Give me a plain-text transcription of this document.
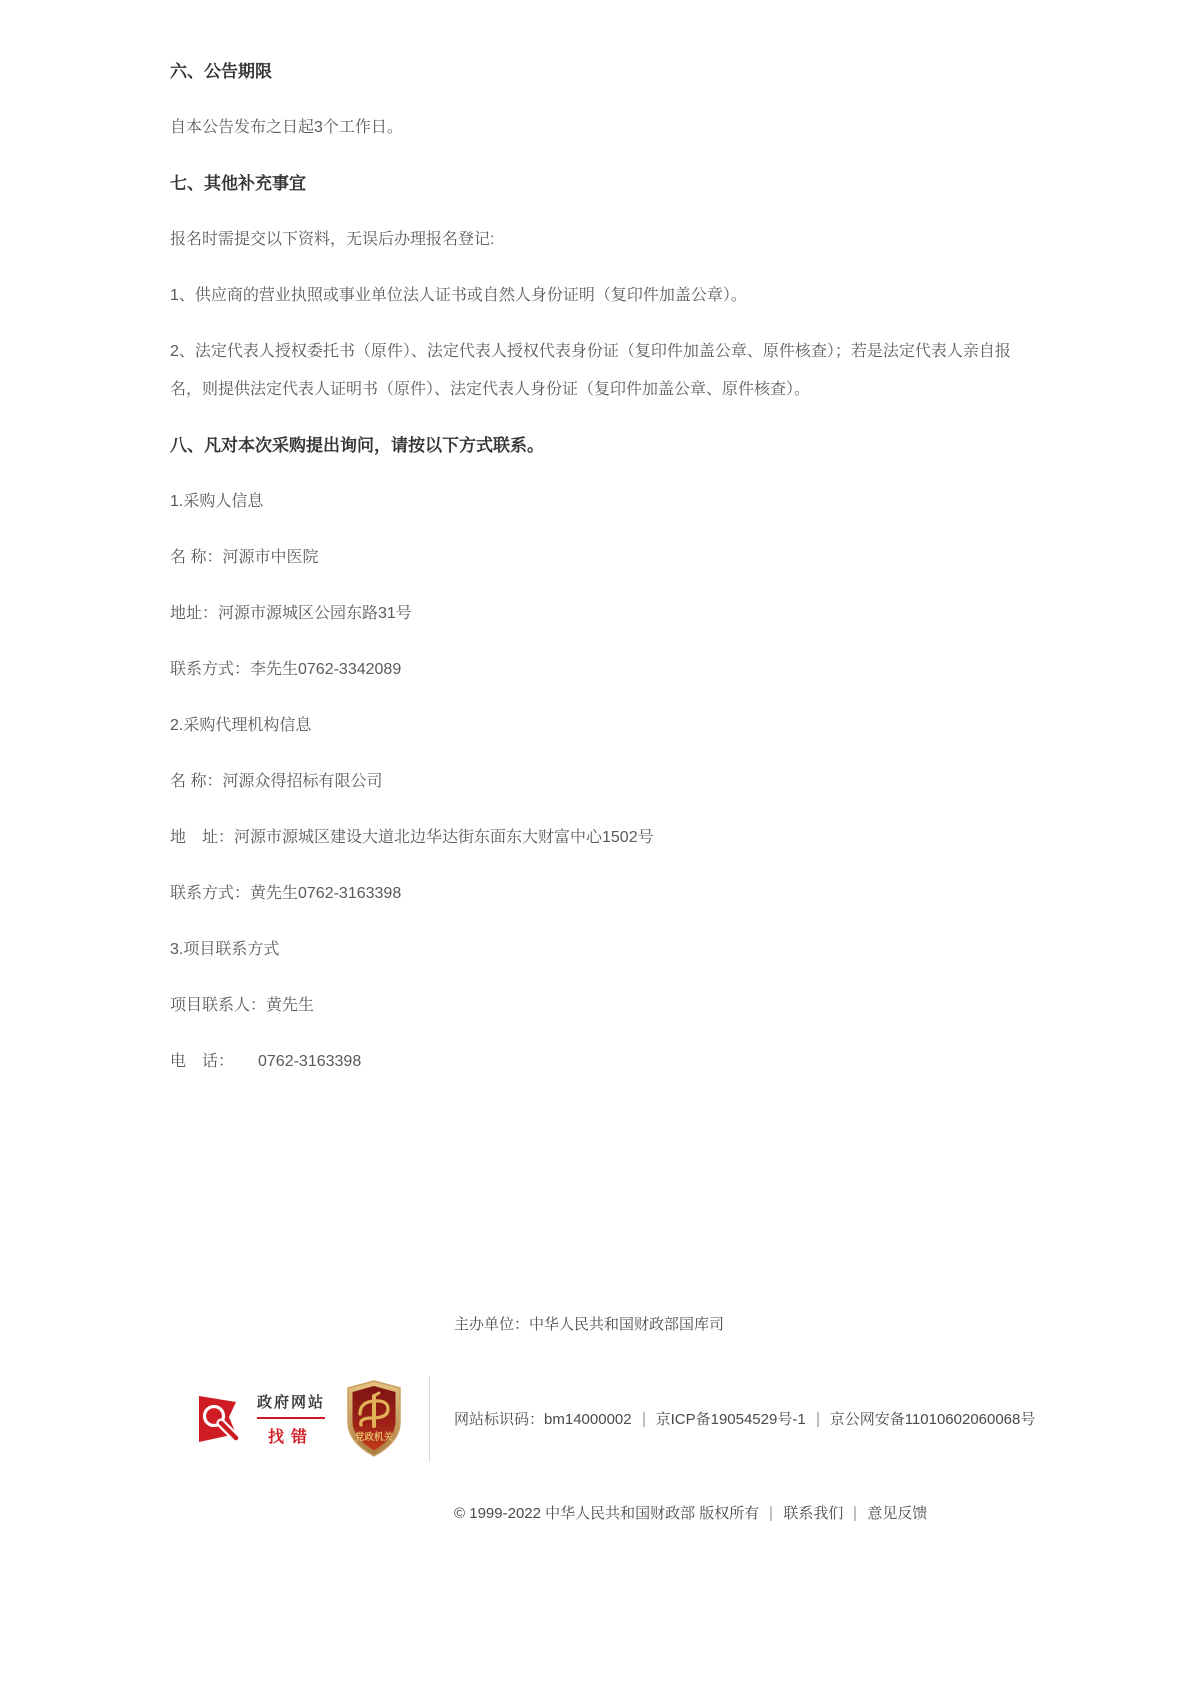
六、公告期限

自本公告发布之日起3个工作日。

七、其他补充事宜

报名时需提交以下资料，无误后办理报名登记:

1、供应商的营业执照或事业单位法人证书或自然人身份证明（复印件加盖公章）。

2、法定代表人授权委托书（原件）、法定代表人授权代表身份证（复印件加盖公章、原件核查）；若是法定代表人亲自报名，则提供法定代表人证明书（原件）、法定代表人身份证（复印件加盖公章、原件核查）。

八、凡对本次采购提出询问，请按以下方式联系。

1.采购人信息

名 称：河源市中医院

地址：河源市源城区公园东路31号

联系方式：李先生0762-3342089

2.采购代理机构信息

名 称：河源众得招标有限公司

地　址：河源市源城区建设大道北边华达街东面东大财富中心1502号

联系方式：黄先生0762-3163398

3.项目联系方式

项目联系人：黄先生

电　话：　　0762-3163398

政府网站
找错	党政机关

主办单位：中华人民共和国财政部国库司

网站标识码：bm14000002 京ICP备19054529号-1 京公网安备11010602060068号

© 1999-2022 中华人民共和国财政部 版权所有 联系我们 意见反馈
